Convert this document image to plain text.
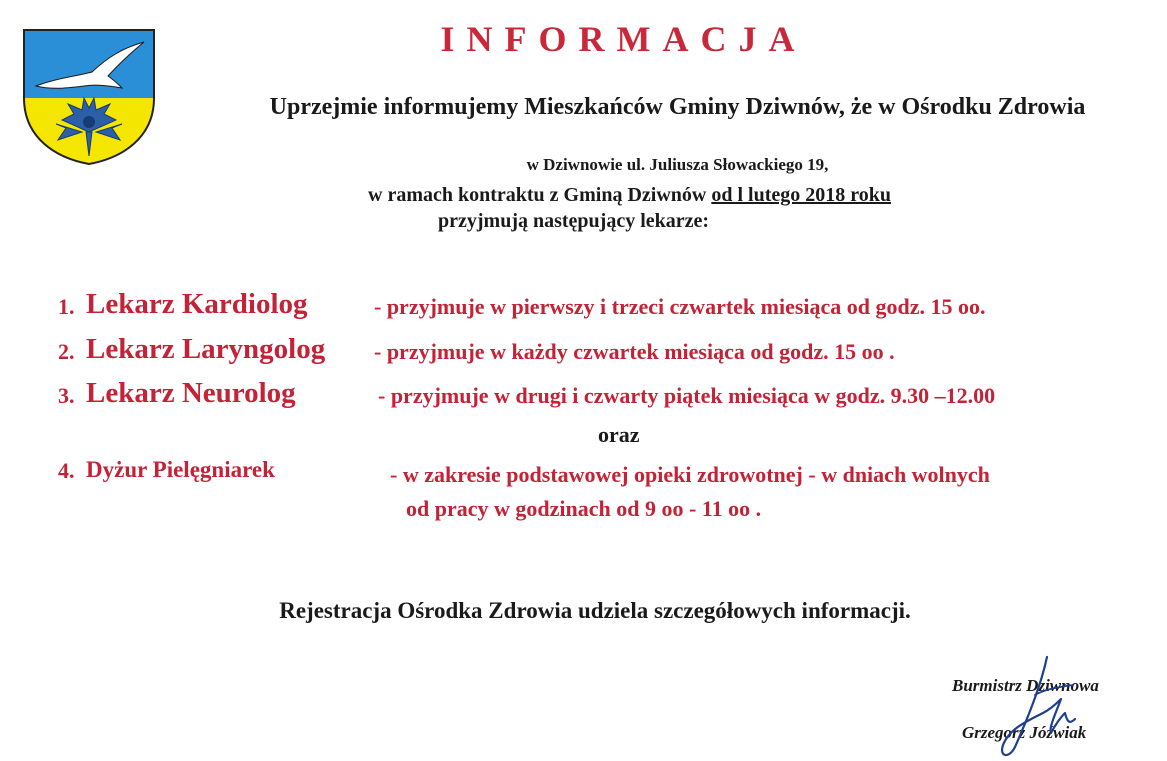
INFORMACJA
Uprzejmie informujemy Mieszkańców Gminy Dziwnów, że w Ośrodku Zdrowia
w Dziwnowie ul. Juliusza Słowackiego 19,
w ramach kontraktu z Gminą Dziwnów od l lutego 2018 roku
przyjmują następujący lekarze:
1. Lekarz Kardiolog	- przyjmuje w pierwszy i trzeci czwartek miesiąca od godz. 15 oo.
2. Lekarz Laryngolog - przyjmuje w każdy czwartek miesiąca od godz. 15 oo .
3. Lekarz Neurolog	- przyjmuje w drugi i czwarty piątek miesiąca w godz. 9.30 –12.00
oraz
4. Dyżur Pielęgniarek	- w zakresie podstawowej opieki zdrowotnej - w dniach wolnych
od pracy w godzinach od 9 oo - 11 oo .
Rejestracja Ośrodka Zdrowia udziela szczegółowych informacji.
Burmistrz Dziwnowa
Grzegorz Jóźwiak
